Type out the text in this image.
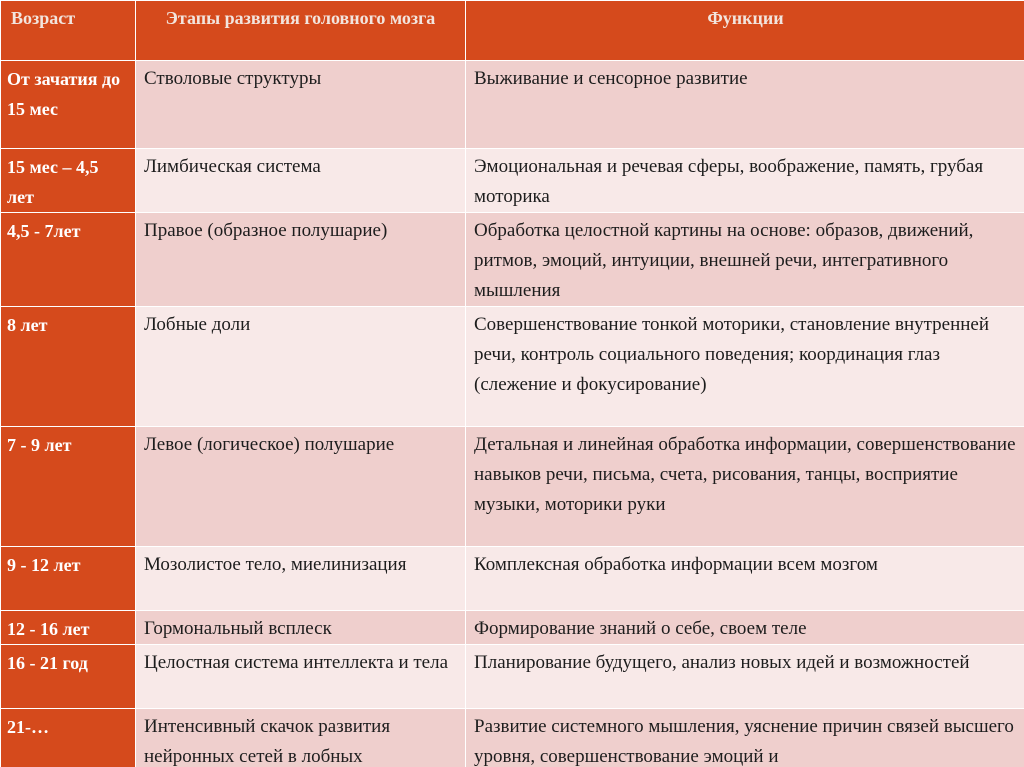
Возраст	Этапы развития головного мозга	Функции
От зачатия до 15 мес	Стволовые структуры	Выживание и сенсорное развитие
15 мес – 4,5 лет	Лимбическая система	Эмоциональная и речевая сферы, воображение, память, грубая моторика
4,5 - 7лет	Правое (образное полушарие)	Обработка целостной картины на основе: образов, движений, ритмов, эмоций, интуиции, внешней речи, интегративного мышления
8 лет	Лобные доли	Совершенствование тонкой моторики, становление внутренней речи, контроль социального поведения; координация глаз (слежение и фокусирование)
7 - 9 лет	Левое (логическое) полушарие	Детальная и линейная обработка информации, совершенствование навыков речи, письма, счета, рисования, танцы, восприятие музыки, моторики руки
9 - 12 лет	Мозолистое тело, миелинизация	Комплексная обработка информации всем мозгом
12 - 16 лет	Гормональный всплеск	Формирование знаний о себе, своем теле
16 - 21 год	Целостная система интеллекта и тела	Планирование будущего, анализ новых идей и возможностей
21-…	Интенсивный скачок развития нейронных сетей в лобных	Развитие системного мышления, уяснение причин связей высшего уровня, совершенствование эмоций и
